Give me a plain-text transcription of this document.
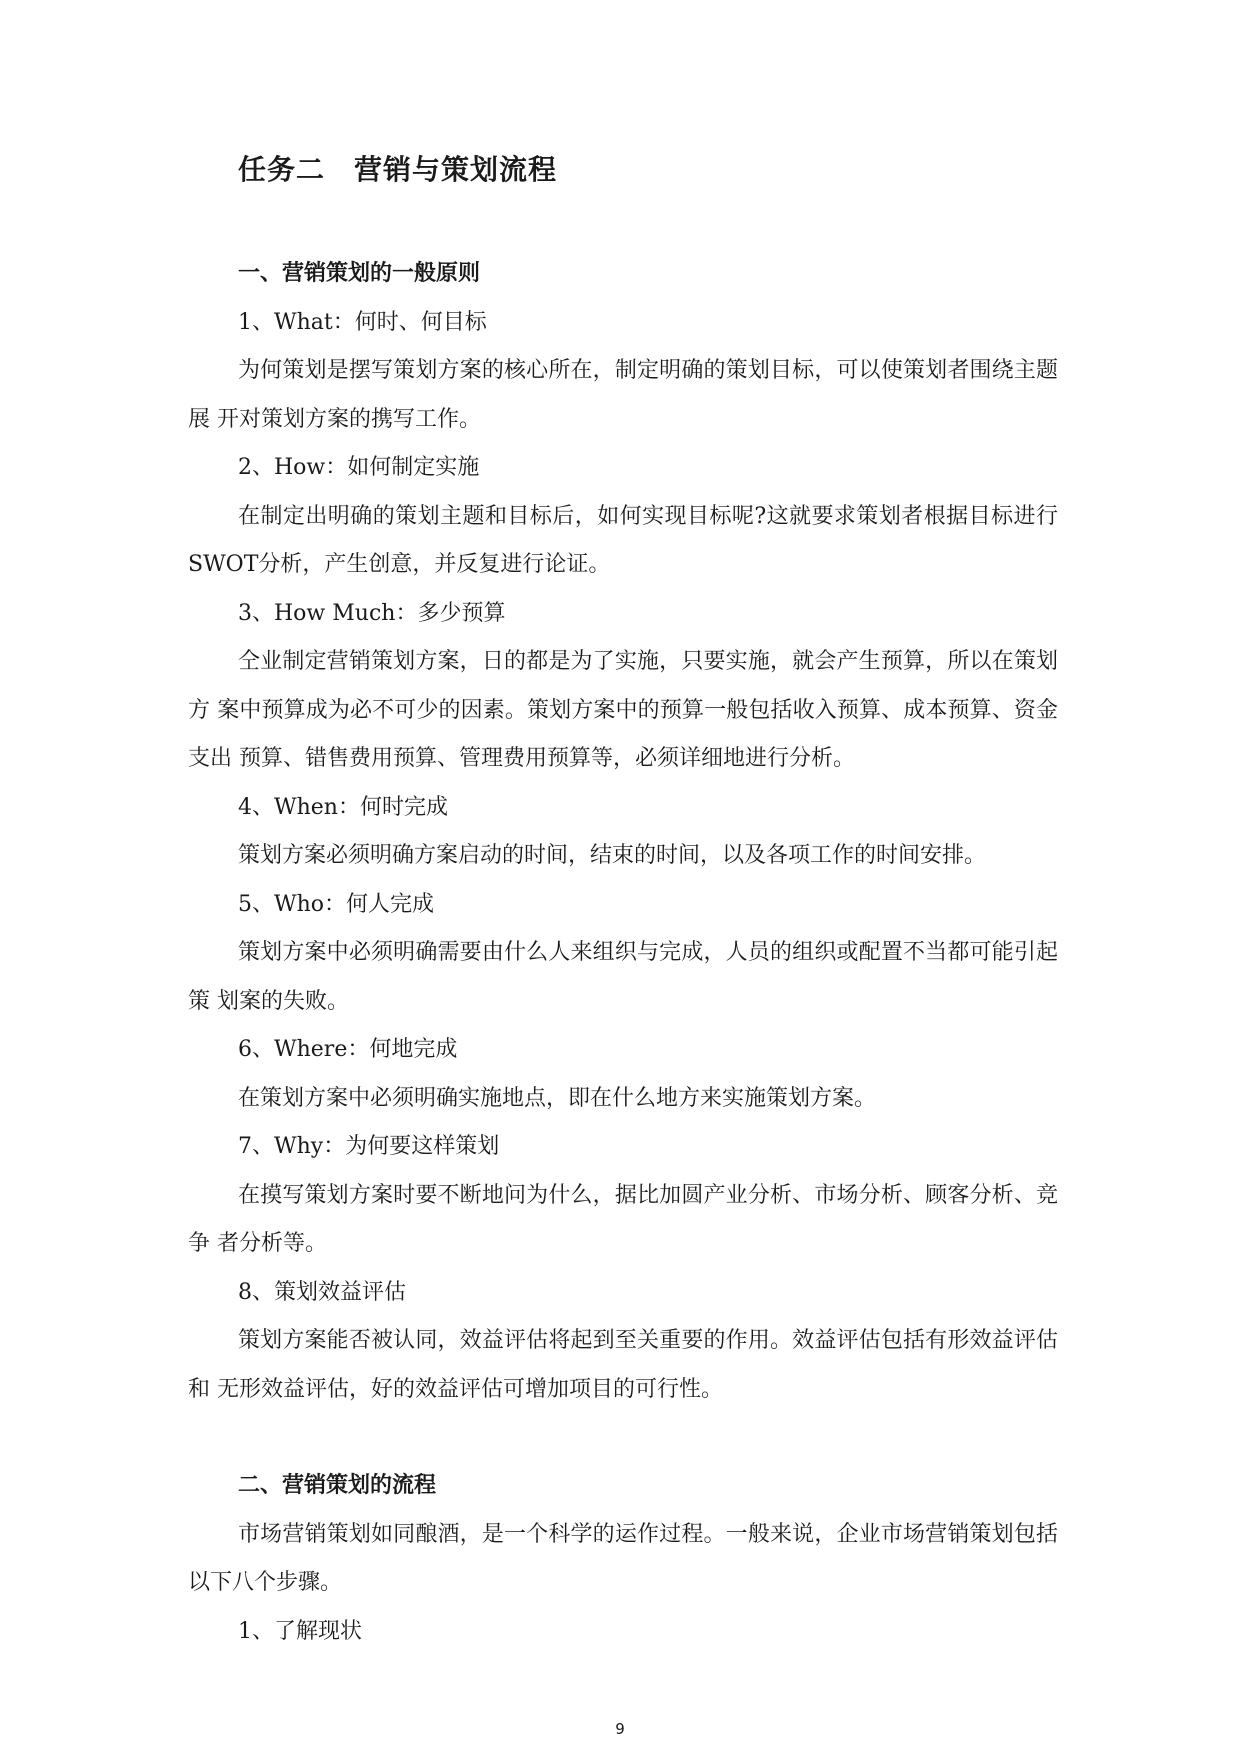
任务二　营销与策划流程

一、营销策划的一般原则

1、What：何时、何目标

为何策划是摆写策划方案的核心所在，制定明确的策划目标，可以使策划者围绕主题展 开对策划方案的携写工作。

2、How：如何制定实施

在制定出明确的策划主题和目标后，如何实现目标呢?这就要求策划者根据目标进行SWOT分析，产生创意，并反复进行论证。

3、How Much：多少预算

仝业制定营销策划方案，日的都是为了实施，只要实施，就会产生预算，所以在策划方 案中预算成为必不可少的因素。策划方案中的预算一般包括收入预算、成本预算、资金支出 预算、错售费用预算、管理费用预算等，必须详细地进行分析。

4、When：何时完成

策划方案必须明确方案启动的时间，结束的时间，以及各项工作的时间安排。

5、Who：何人完成

策划方案中必须明确需要由什么人来组织与完成，人员的组织或配置不当都可能引起策 划案的失败。

6、Where：何地完成

在策划方案中必须明确实施地点，即在什么地方来实施策划方案。

7、Why：为何要这样策划

在摸写策划方案时要不断地问为什么，据比加圆产业分析、市场分析、顾客分析、竞争 者分析等。

8、策划效益评估

策划方案能否被认同，效益评估将起到至关重要的作用。效益评估包括有形效益评估和 无形效益评估，好的效益评估可增加项目的可行性。

二、营销策划的流程

市场营销策划如同酿酒，是一个科学的运作过程。一般来说，企业市场营销策划包括以下八个步骤。

1、了解现状

9
